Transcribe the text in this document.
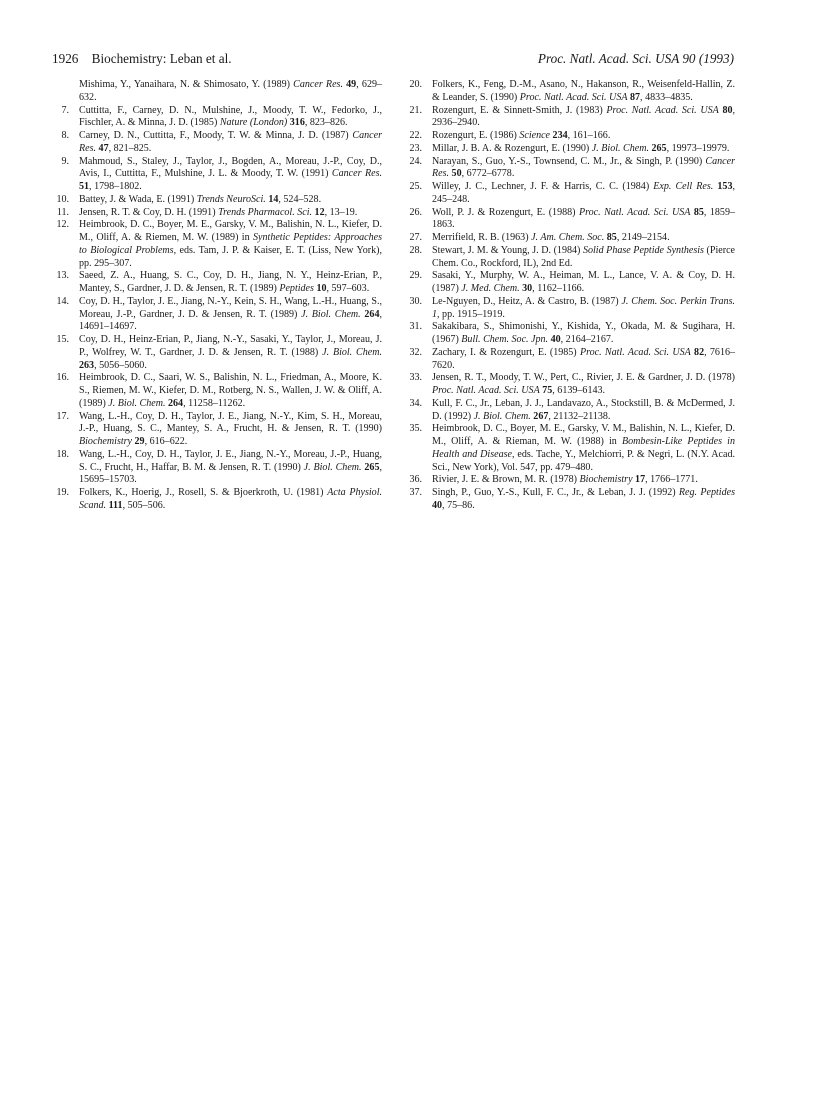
1926 Biochemistry: Leban et al.	Proc. Natl. Acad. Sci. USA 90 (1993)
Mishima, Y., Yanaihara, N. & Shimosato, Y. (1989) Cancer Res. 49, 629–632.
7. Cuttitta, F., Carney, D. N., Mulshine, J., Moody, T. W., Fedorko, J., Fischler, A. & Minna, J. D. (1985) Nature (London) 316, 823–826.
8. Carney, D. N., Cuttitta, F., Moody, T. W. & Minna, J. D. (1987) Cancer Res. 47, 821–825.
9. Mahmoud, S., Staley, J., Taylor, J., Bogden, A., Moreau, J.-P., Coy, D., Avis, I., Cuttitta, F., Mulshine, J. L. & Moody, T. W. (1991) Cancer Res. 51, 1798–1802.
10. Battey, J. & Wada, E. (1991) Trends NeuroSci. 14, 524–528.
11. Jensen, R. T. & Coy, D. H. (1991) Trends Pharmacol. Sci. 12, 13–19.
12. Heimbrook, D. C., Boyer, M. E., Garsky, V. M., Balishin, N. L., Kiefer, D. M., Oliff, A. & Riemen, M. W. (1989) in Synthetic Peptides: Approaches to Biological Problems, eds. Tam, J. P. & Kaiser, E. T. (Liss, New York), pp. 295–307.
13. Saeed, Z. A., Huang, S. C., Coy, D. H., Jiang, N. Y., Heinz-Erian, P., Mantey, S., Gardner, J. D. & Jensen, R. T. (1989) Peptides 10, 597–603.
14. Coy, D. H., Taylor, J. E., Jiang, N.-Y., Kein, S. H., Wang, L.-H., Huang, S., Moreau, J.-P., Gardner, J. D. & Jensen, R. T. (1989) J. Biol. Chem. 264, 14691–14697.
15. Coy, D. H., Heinz-Erian, P., Jiang, N.-Y., Sasaki, Y., Taylor, J., Moreau, J. P., Wolfrey, W. T., Gardner, J. D. & Jensen, R. T. (1988) J. Biol. Chem. 263, 5056–5060.
16. Heimbrook, D. C., Saari, W. S., Balishin, N. L., Friedman, A., Moore, K. S., Riemen, M. W., Kiefer, D. M., Rotberg, N. S., Wallen, J. W. & Oliff, A. (1989) J. Biol. Chem. 264, 11258–11262.
17. Wang, L.-H., Coy, D. H., Taylor, J. E., Jiang, N.-Y., Kim, S. H., Moreau, J.-P., Huang, S. C., Mantey, S. A., Frucht, H. & Jensen, R. T. (1990) Biochemistry 29, 616–622.
18. Wang, L.-H., Coy, D. H., Taylor, J. E., Jiang, N.-Y., Moreau, J.-P., Huang, S. C., Frucht, H., Haffar, B. M. & Jensen, R. T. (1990) J. Biol. Chem. 265, 15695–15703.
19. Folkers, K., Hoerig, J., Rosell, S. & Bjoerkroth, U. (1981) Acta Physiol. Scand. 111, 505–506.
20. Folkers, K., Feng, D.-M., Asano, N., Hakanson, R., Weisenfeld-Hallin, Z. & Leander, S. (1990) Proc. Natl. Acad. Sci. USA 87, 4833–4835.
21. Rozengurt, E. & Sinnett-Smith, J. (1983) Proc. Natl. Acad. Sci. USA 80, 2936–2940.
22. Rozengurt, E. (1986) Science 234, 161–166.
23. Millar, J. B. A. & Rozengurt, E. (1990) J. Biol. Chem. 265, 19973–19979.
24. Narayan, S., Guo, Y.-S., Townsend, C. M., Jr., & Singh, P. (1990) Cancer Res. 50, 6772–6778.
25. Willey, J. C., Lechner, J. F. & Harris, C. C. (1984) Exp. Cell Res. 153, 245–248.
26. Woll, P. J. & Rozengurt, E. (1988) Proc. Natl. Acad. Sci. USA 85, 1859–1863.
27. Merrifield, R. B. (1963) J. Am. Chem. Soc. 85, 2149–2154.
28. Stewart, J. M. & Young, J. D. (1984) Solid Phase Peptide Synthesis (Pierce Chem. Co., Rockford, IL), 2nd Ed.
29. Sasaki, Y., Murphy, W. A., Heiman, M. L., Lance, V. A. & Coy, D. H. (1987) J. Med. Chem. 30, 1162–1166.
30. Le-Nguyen, D., Heitz, A. & Castro, B. (1987) J. Chem. Soc. Perkin Trans. 1, pp. 1915–1919.
31. Sakakibara, S., Shimonishi, Y., Kishida, Y., Okada, M. & Sugihara, H. (1967) Bull. Chem. Soc. Jpn. 40, 2164–2167.
32. Zachary, I. & Rozengurt, E. (1985) Proc. Natl. Acad. Sci. USA 82, 7616–7620.
33. Jensen, R. T., Moody, T. W., Pert, C., Rivier, J. E. & Gardner, J. D. (1978) Proc. Natl. Acad. Sci. USA 75, 6139–6143.
34. Kull, F. C., Jr., Leban, J. J., Landavazo, A., Stockstill, B. & McDermed, J. D. (1992) J. Biol. Chem. 267, 21132–21138.
35. Heimbrook, D. C., Boyer, M. E., Garsky, V. M., Balishin, N. L., Kiefer, D. M., Oliff, A. & Rieman, M. W. (1988) in Bombesin-Like Peptides in Health and Disease, eds. Tache, Y., Melchiorri, P. & Negri, L. (N.Y. Acad. Sci., New York), Vol. 547, pp. 479–480.
36. Rivier, J. E. & Brown, M. R. (1978) Biochemistry 17, 1766–1771.
37. Singh, P., Guo, Y.-S., Kull, F. C., Jr., & Leban, J. J. (1992) Reg. Peptides 40, 75–86.
